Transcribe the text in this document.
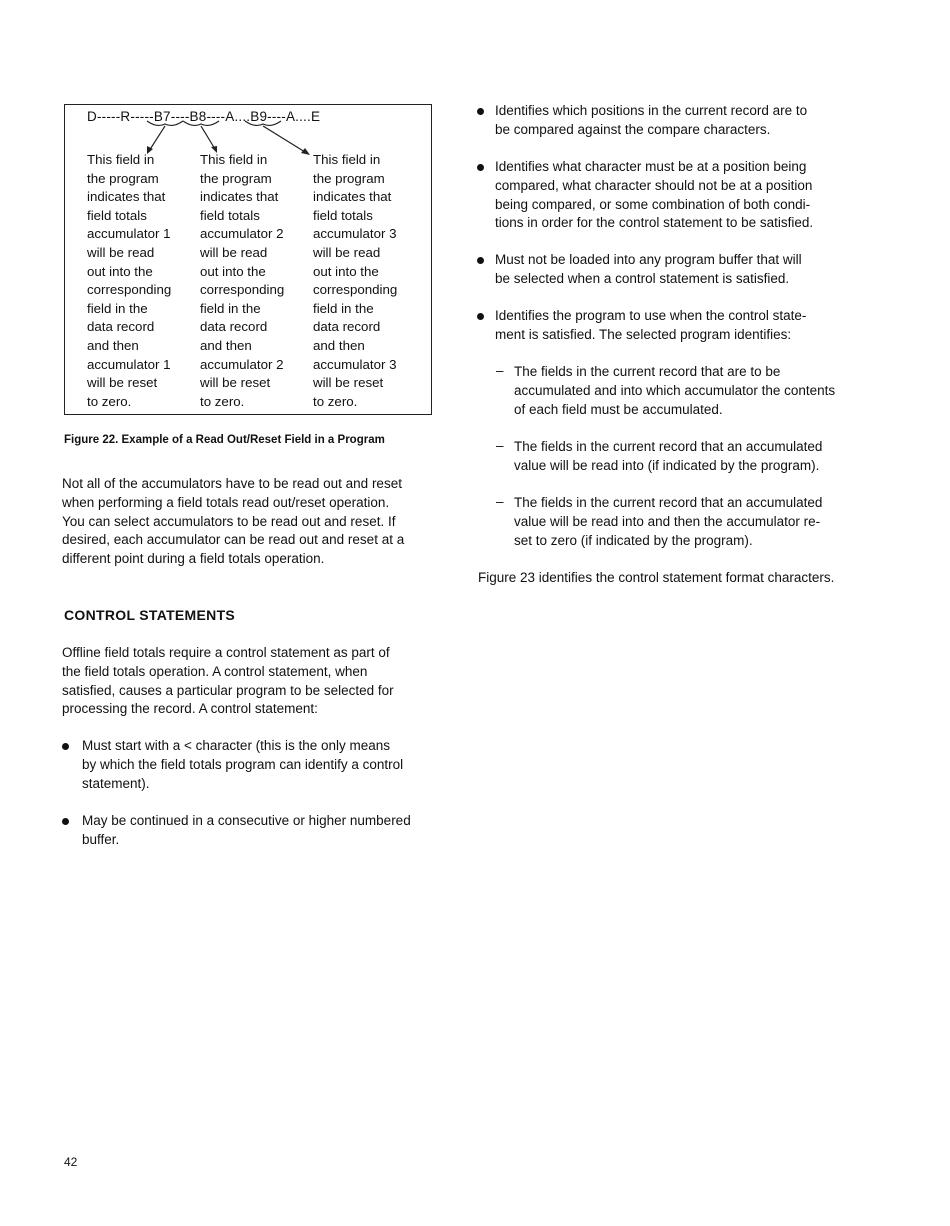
D-----R-----B7----B8----A....B9----A....E
This field in
the program
indicates that
field totals
accumulator 1
will be read
out into the
corresponding
field in the
data record
and then
accumulator 1
will be reset
to zero.
This field in
the program
indicates that
field totals
accumulator 2
will be read
out into the
corresponding
field in the
data record
and then
accumulator 2
will be reset
to zero.
This field in
the program
indicates that
field totals
accumulator 3
will be read
out into the
corresponding
field in the
data record
and then
accumulator 3
will be reset
to zero.
Figure 22. Example of a Read Out/Reset Field in a Program
Not all of the accumulators have to be read out and reset
when performing a field totals read out/reset operation.
You can select accumulators to be read out and reset. If
desired, each accumulator can be read out and reset at a
different point during a field totals operation.
CONTROL STATEMENTS
Offline field totals require a control statement as part of
the field totals operation. A control statement, when
satisfied, causes a particular program to be selected for
processing the record. A control statement:
Must start with a < character (this is the only means
by which the field totals program can identify a control
statement).
May be continued in a consecutive or higher numbered
buffer.
Identifies which positions in the current record are to
be compared against the compare characters.
Identifies what character must be at a position being
compared, what character should not be at a position
being compared, or some combination of both condi-
tions in order for the control statement to be satisfied.
Must not be loaded into any program buffer that will
be selected when a control statement is satisfied.
Identifies the program to use when the control state-
ment is satisfied. The selected program identifies:
– The fields in the current record that are to be
accumulated and into which accumulator the contents
of each field must be accumulated.
– The fields in the current record that an accumulated
value will be read into (if indicated by the program).
– The fields in the current record that an accumulated
value will be read into and then the accumulator re-
set to zero (if indicated by the program).
Figure 23 identifies the control statement format characters.
42
